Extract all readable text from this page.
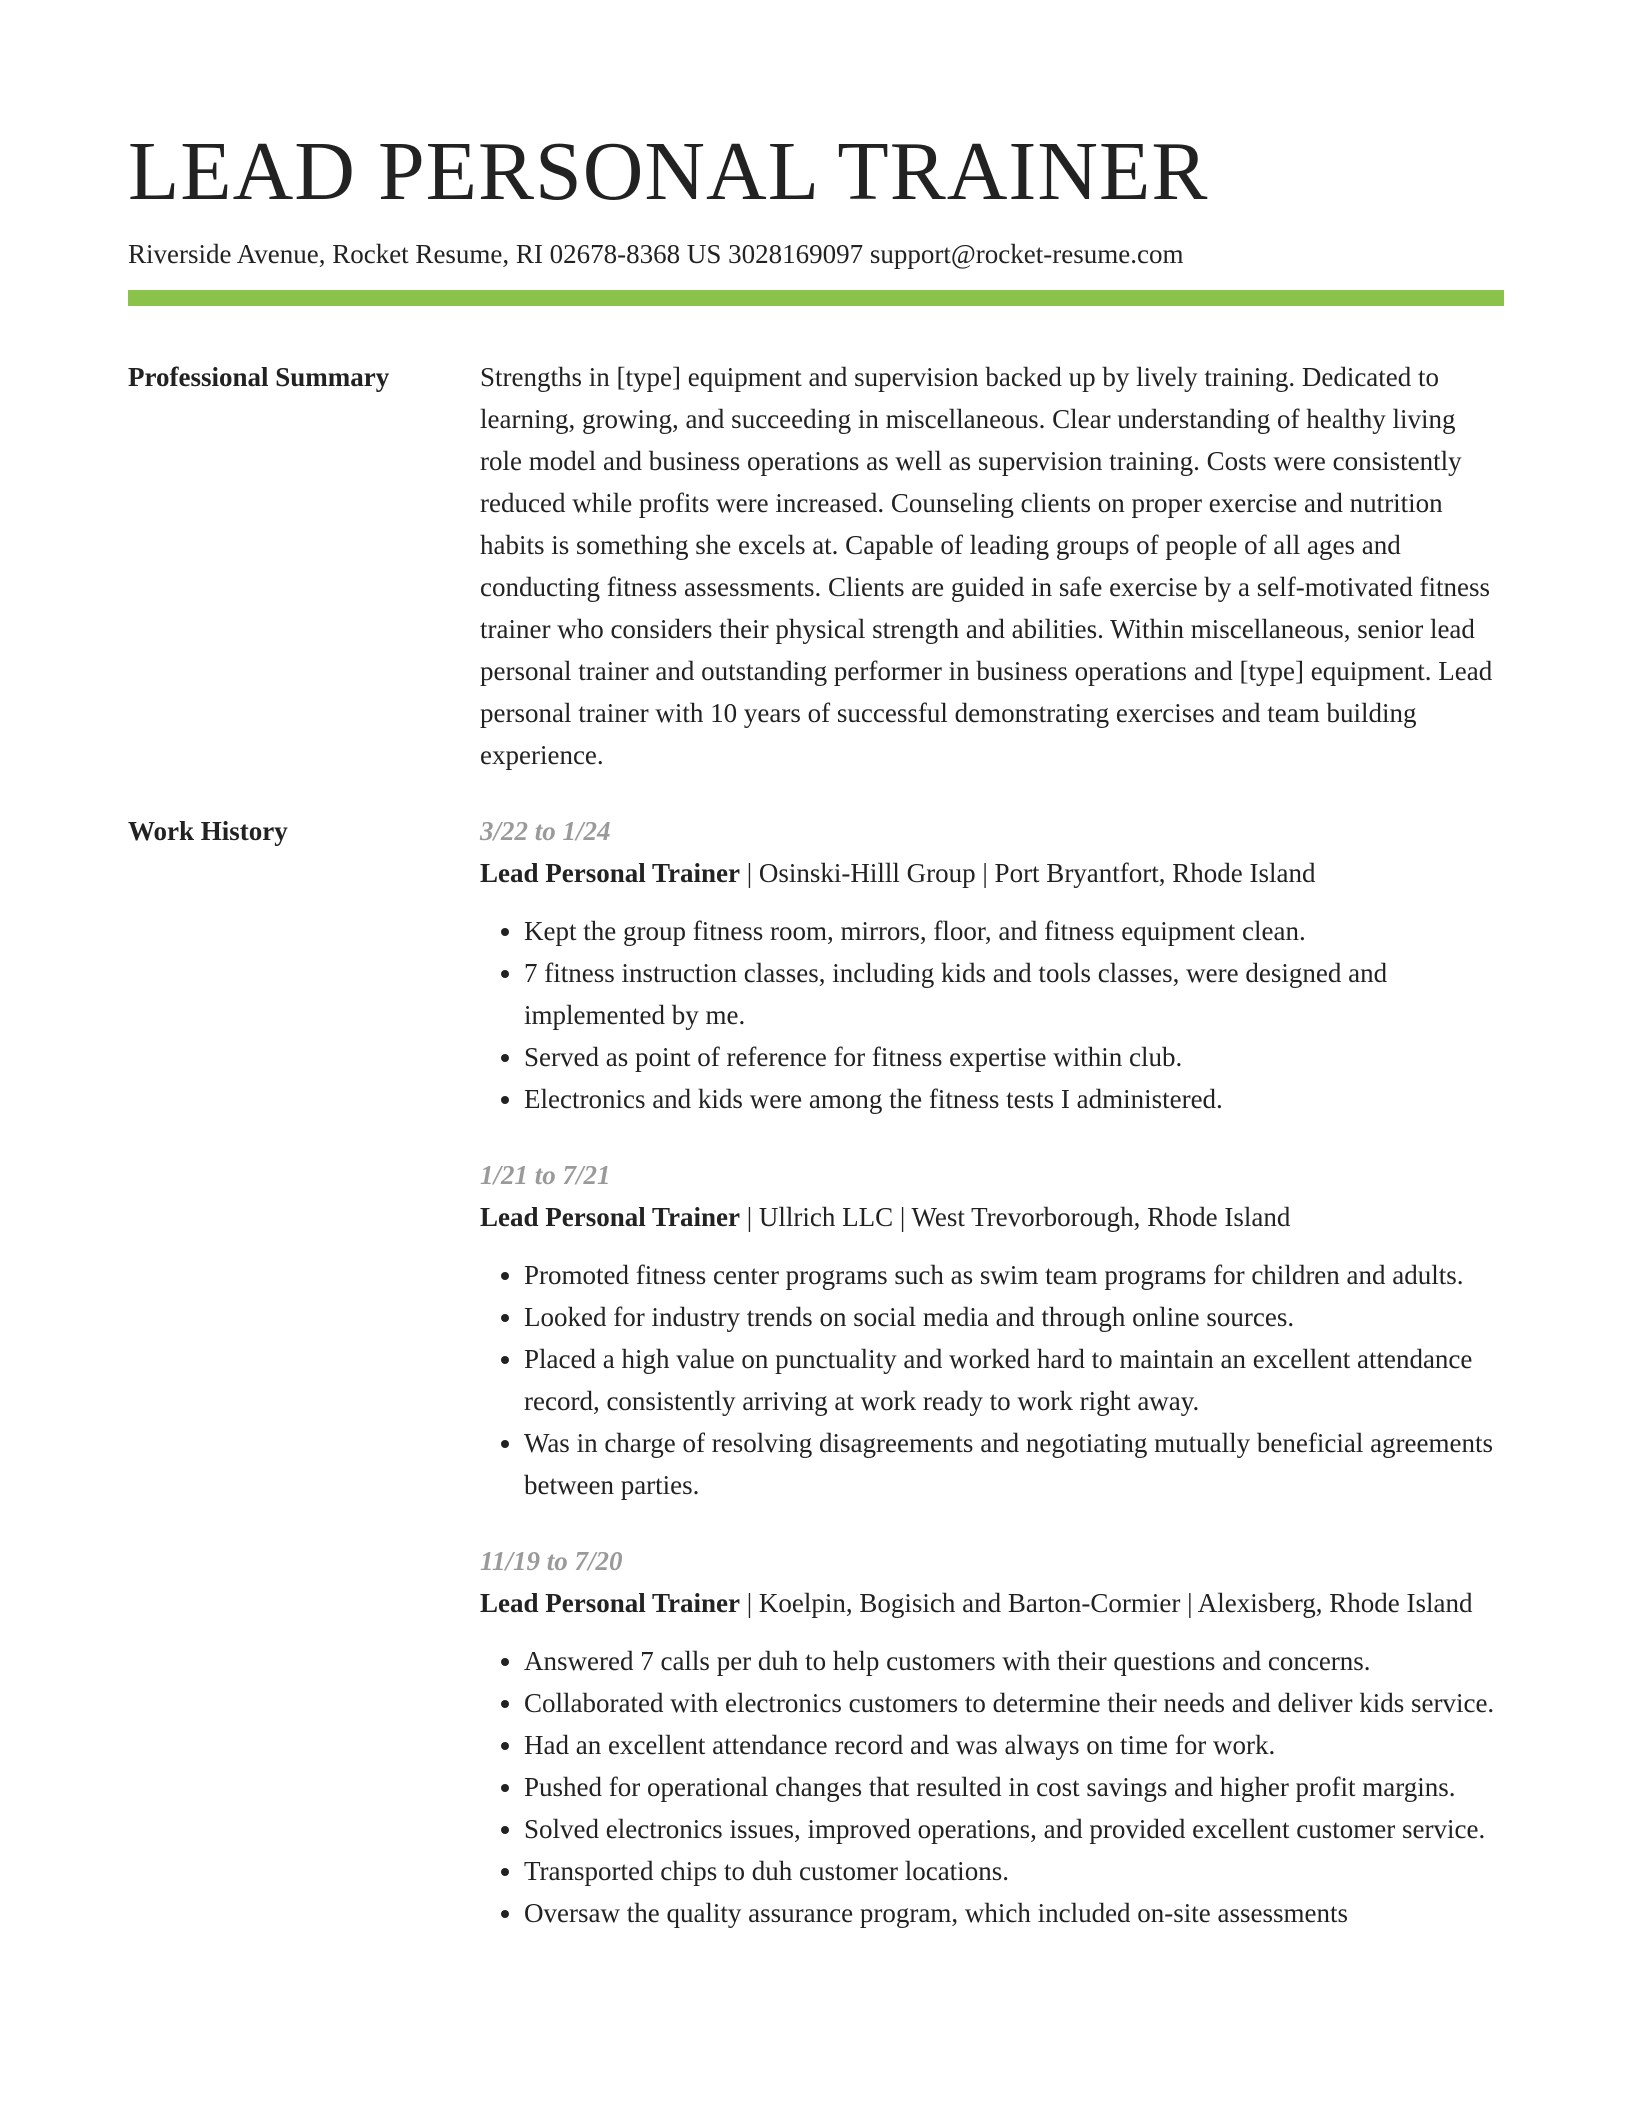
LEAD PERSONAL TRAINER
Riverside Avenue, Rocket Resume, RI 02678-8368 US 3028169097 support@rocket-resume.com
Professional Summary	Strengths in [type] equipment and supervision backed up by lively training. Dedicated to learning, growing, and succeeding in miscellaneous. Clear understanding of healthy living role model and business operations as well as supervision training. Costs were consistently reduced while profits were increased. Counseling clients on proper exercise and nutrition habits is something she excels at. Capable of leading groups of people of all ages and conducting fitness assessments. Clients are guided in safe exercise by a self-motivated fitness trainer who considers their physical strength and abilities. Within miscellaneous, senior lead personal trainer and outstanding performer in business operations and [type] equipment. Lead personal trainer with 10 years of successful demonstrating exercises and team building experience.

Work History	3/22 to 1/24
Lead Personal Trainer | Osinski-Hilll Group | Port Bryantfort, Rhode Island
• Kept the group fitness room, mirrors, floor, and fitness equipment clean.
• 7 fitness instruction classes, including kids and tools classes, were designed and implemented by me.
• Served as point of reference for fitness expertise within club.
• Electronics and kids were among the fitness tests I administered.
1/21 to 7/21
Lead Personal Trainer | Ullrich LLC | West Trevorborough, Rhode Island
• Promoted fitness center programs such as swim team programs for children and adults.
• Looked for industry trends on social media and through online sources.
• Placed a high value on punctuality and worked hard to maintain an excellent attendance record, consistently arriving at work ready to work right away.
• Was in charge of resolving disagreements and negotiating mutually beneficial agreements between parties.
11/19 to 7/20
Lead Personal Trainer | Koelpin, Bogisich and Barton-Cormier | Alexisberg, Rhode Island
• Answered 7 calls per duh to help customers with their questions and concerns.
• Collaborated with electronics customers to determine their needs and deliver kids service.
• Had an excellent attendance record and was always on time for work.
• Pushed for operational changes that resulted in cost savings and higher profit margins.
• Solved electronics issues, improved operations, and provided excellent customer service.
• Transported chips to duh customer locations.
• Oversaw the quality assurance program, which included on-site assessments
